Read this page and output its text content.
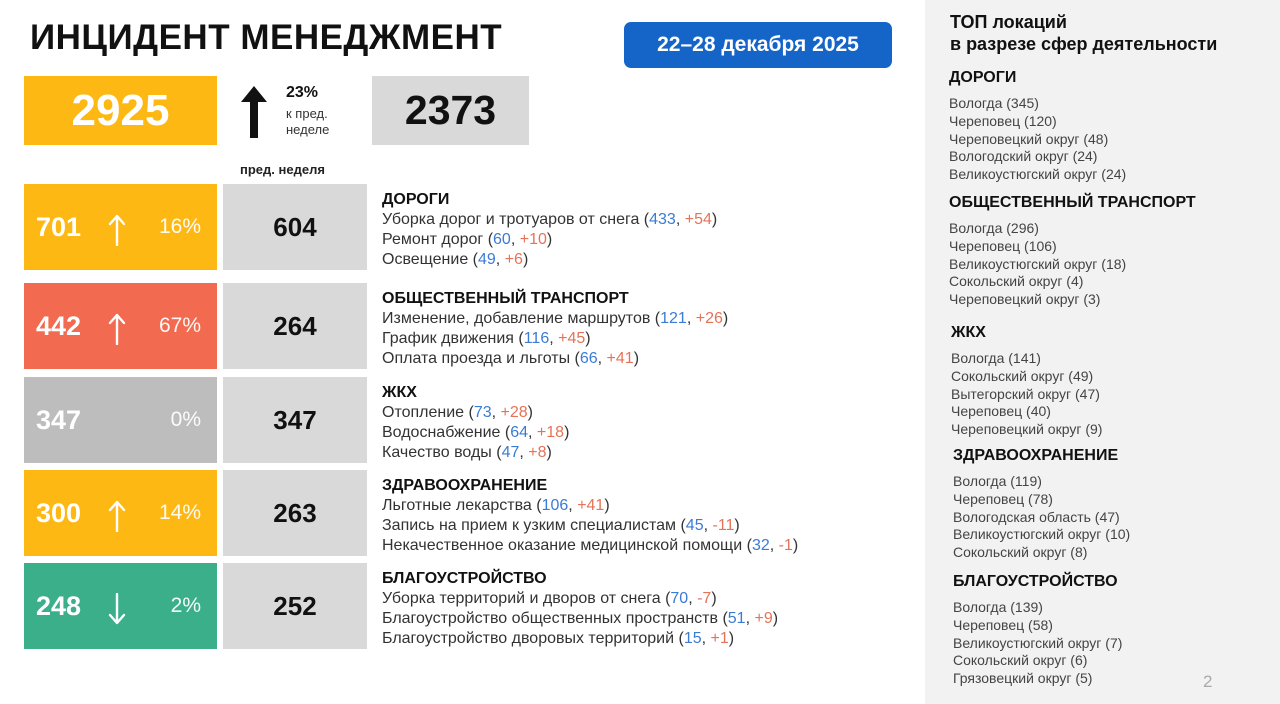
ИНЦИДЕНТ МЕНЕДЖМЕНТ	22–28 декабря 2025
2925	23%
к пред. неделе	2373
пред. неделя
701	16%	604
ДОРОГИ
Уборка дорог и тротуаров от снега (433, +54)
Ремонт дорог (60, +10)
Освещение (49, +6)
442	67%	264
ОБЩЕСТВЕННЫЙ ТРАНСПОРТ
Изменение, добавление маршрутов (121, +26)
График движения (116, +45)
Оплата проезда и льготы (66, +41)
347	0%	347
ЖКХ
Отопление (73, +28)
Водоснабжение (64, +18)
Качество воды (47, +8)
300	14%	263
ЗДРАВООХРАНЕНИЕ
Льготные лекарства (106, +41)
Запись на прием к узким специалистам (45, -11)
Некачественное оказание медицинской помощи (32, -1)
248	2%	252
БЛАГОУСТРОЙСТВО
Уборка территорий и дворов от снега (70, -7)
Благоустройство общественных пространств (51, +9)
Благоустройство дворовых территорий (15, +1)
ТОП локаций
в разрезе сфер деятельности
ДОРОГИ
Вологда (345)
Череповец (120)
Череповецкий округ (48)
Вологодский округ (24)
Великоустюгский округ (24)
ОБЩЕСТВЕННЫЙ ТРАНСПОРТ
Вологда (296)
Череповец (106)
Великоустюгский округ (18)
Сокольский округ (4)
Череповецкий округ (3)
ЖКХ
Вологда (141)
Сокольский округ (49)
Вытегорский округ (47)
Череповец (40)
Череповецкий округ (9)
ЗДРАВООХРАНЕНИЕ
Вологда (119)
Череповец (78)
Вологодская область (47)
Великоустюгский округ (10)
Сокольский округ (8)
БЛАГОУСТРОЙСТВО
Вологда (139)
Череповец (58)
Великоустюгский округ (7)
Сокольский округ (6)
Грязовецкий округ (5)	2
